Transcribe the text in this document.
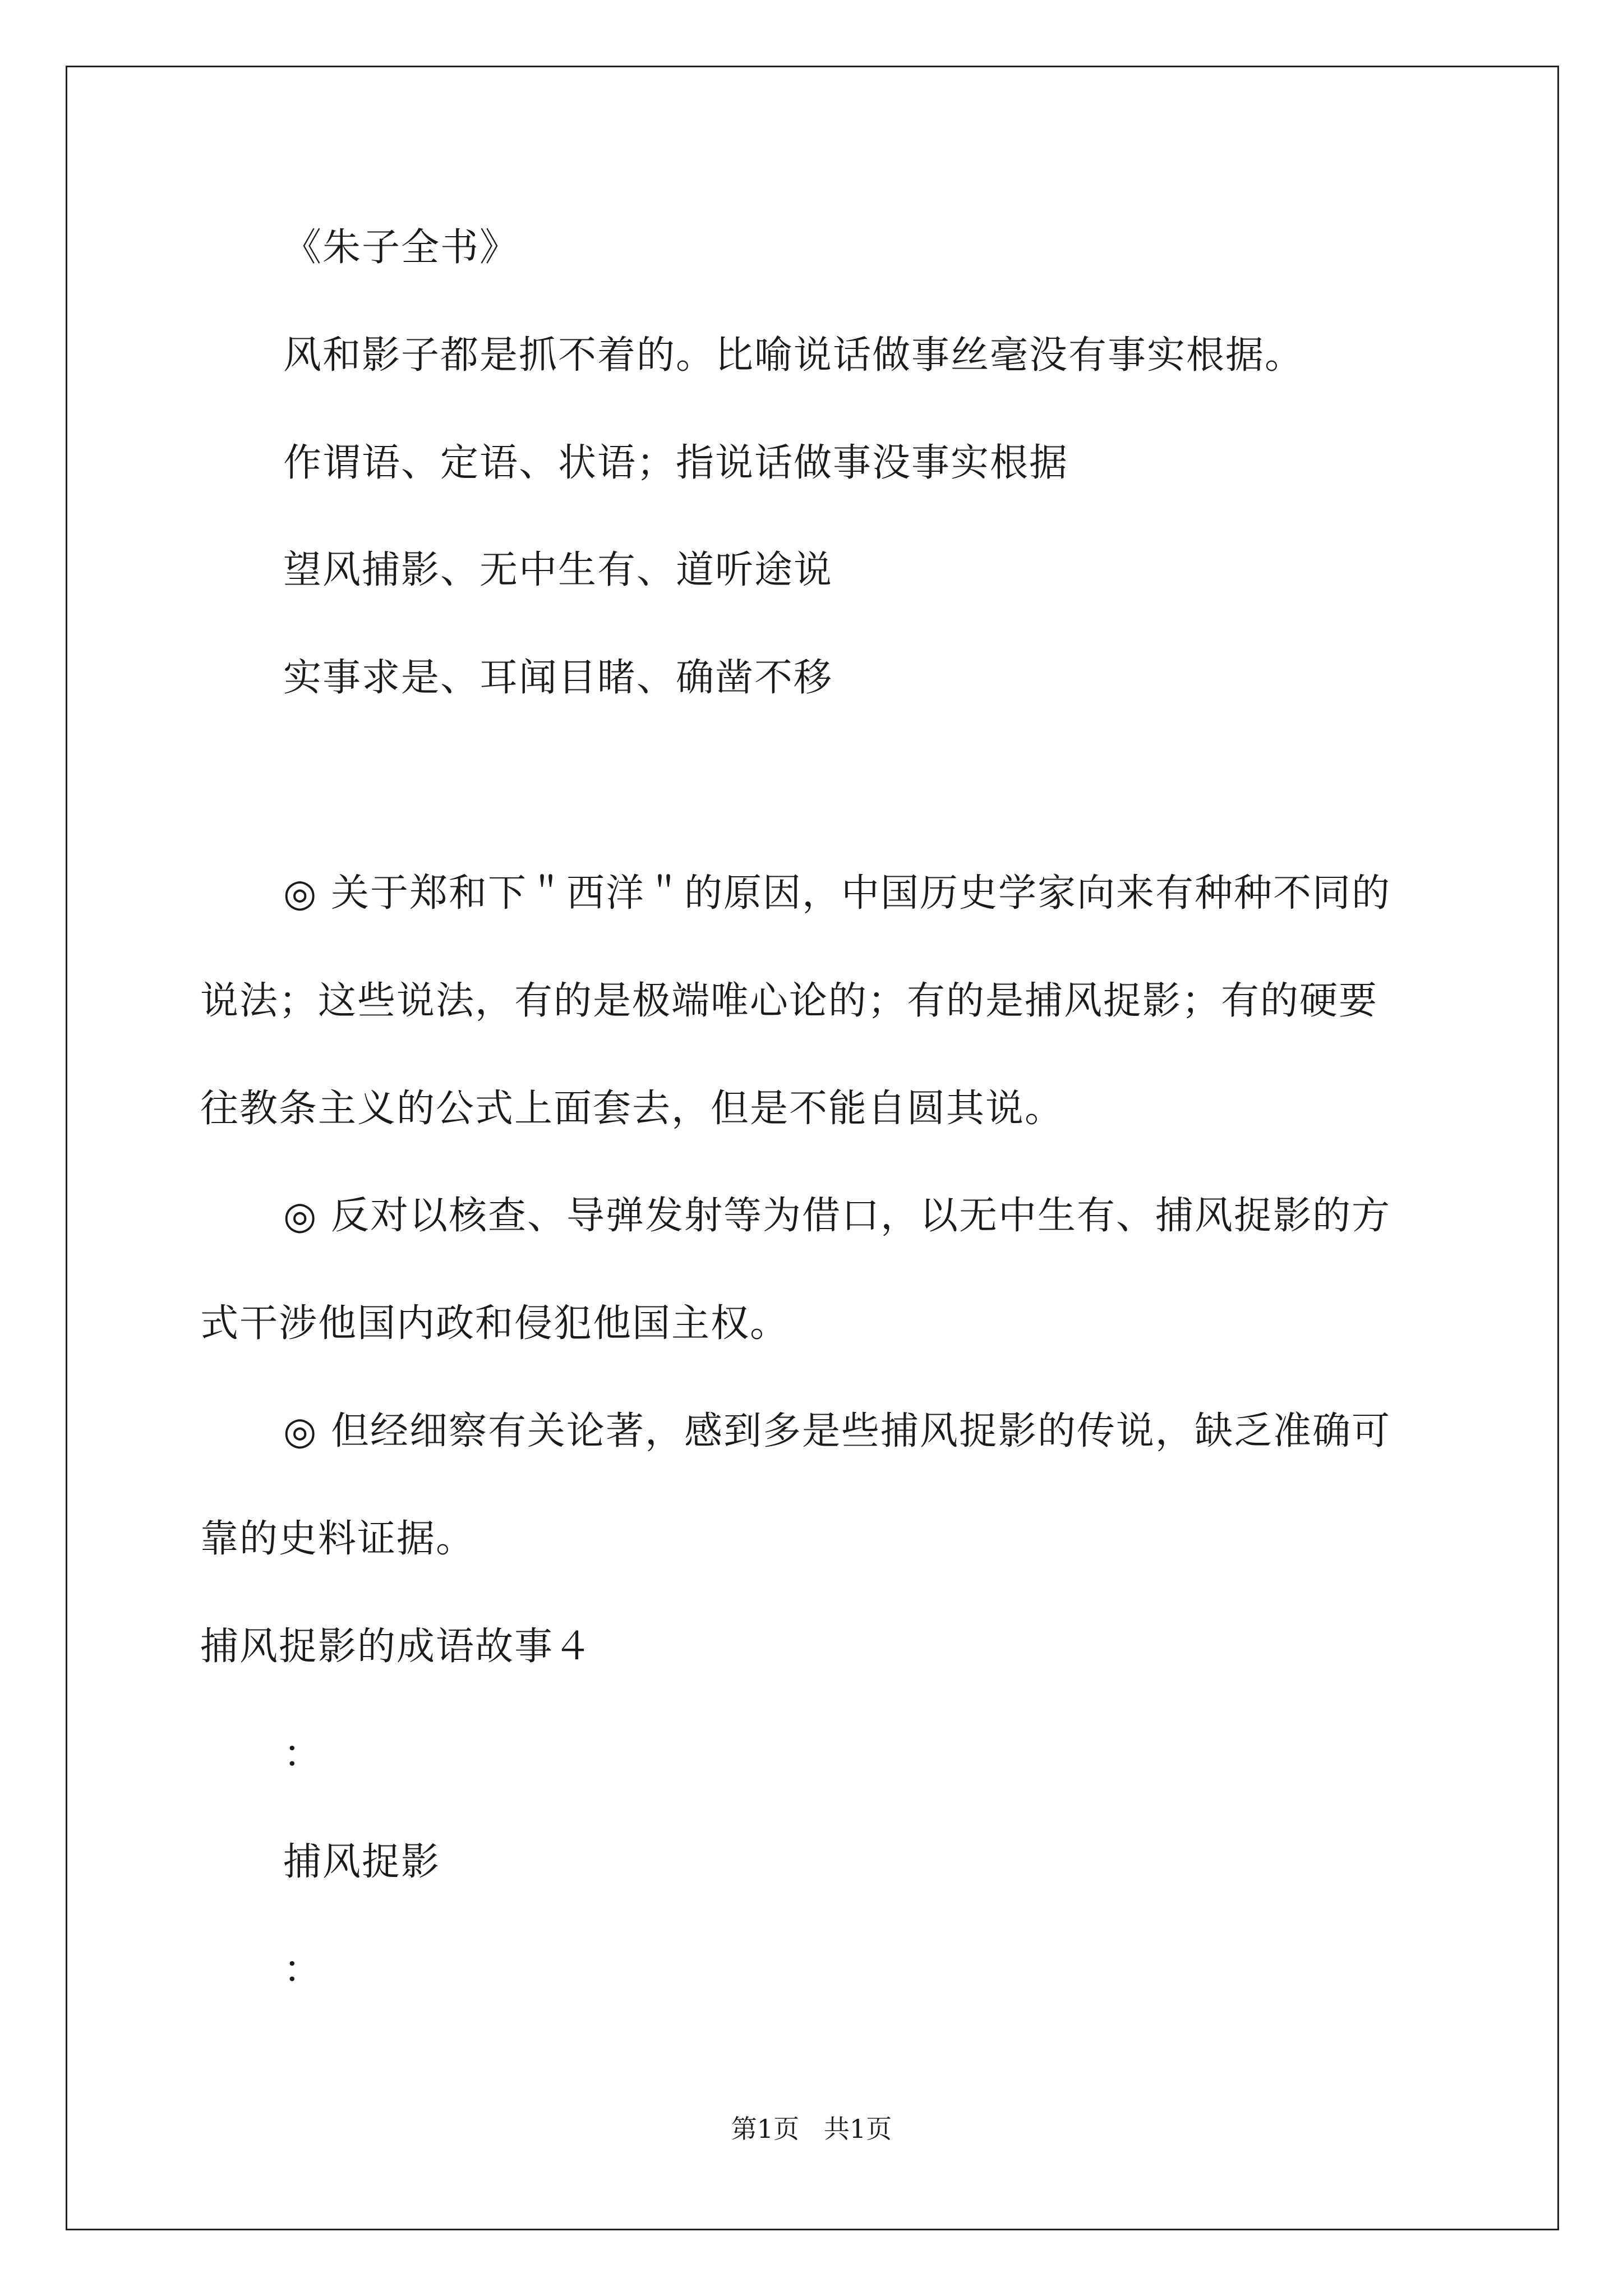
《朱子全书》
风和影子都是抓不着的。比喻说话做事丝毫没有事实根据。
作谓语、定语、状语；指说话做事没事实根据
望风捕影、无中生有、道听途说
实事求是、耳闻目睹、确凿不移
◎ 关于郑和下＂西洋＂的原因，中国历史学家向来有种种不同的
说法；这些说法，有的是极端唯心论的；有的是捕风捉影；有的硬要
往教条主义的公式上面套去，但是不能自圆其说。
◎ 反对以核查、导弹发射等为借口，以无中生有、捕风捉影的方
式干涉他国内政和侵犯他国主权。
◎ 但经细察有关论著，感到多是些捕风捉影的传说，缺乏准确可
靠的史料证据。
捕风捉影的成语故事４
：
捕风捉影
：
第1页   共1页
